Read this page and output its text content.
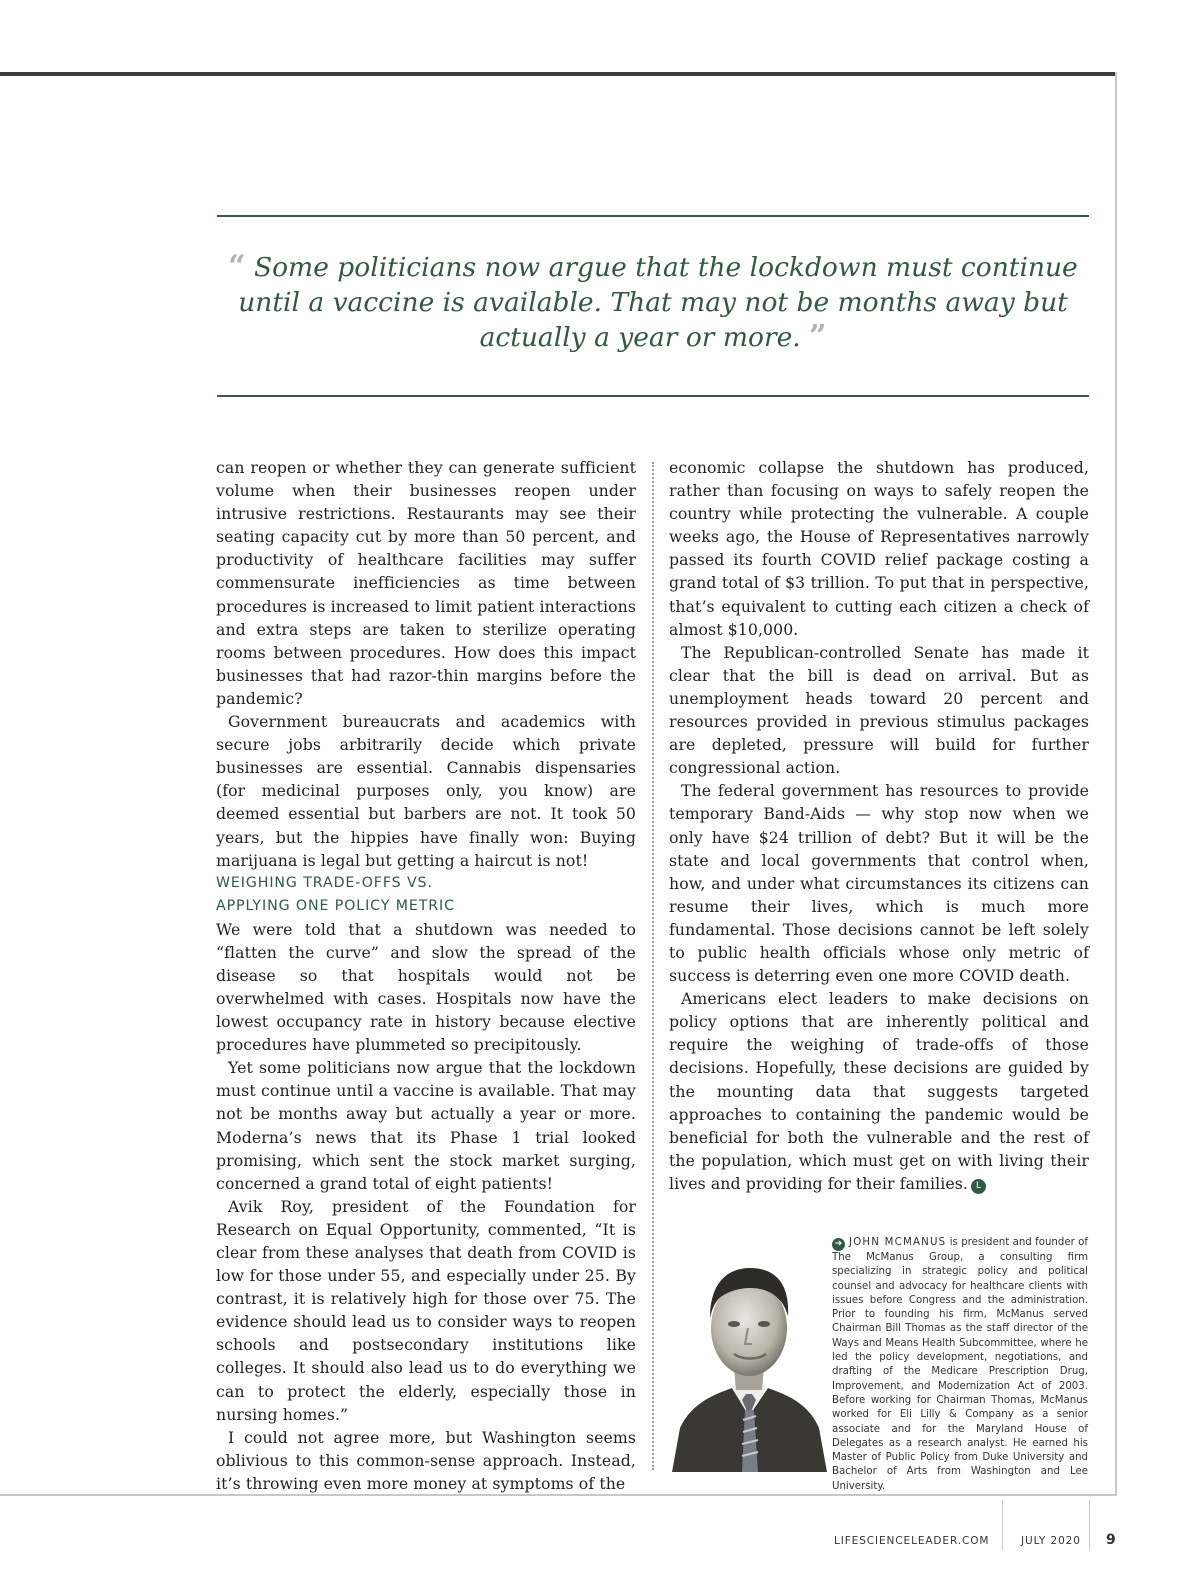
“ Some politicians now argue that the lockdown must continue until a vaccine is available. That may not be months away but actually a year or more. ”

can reopen or whether they can generate sufficient volume when their businesses reopen under intrusive restrictions. Restaurants may see their seating capacity cut by more than 50 percent, and productivity of healthcare facilities may suffer commensurate inefficiencies as time between procedures is increased to limit patient interactions and extra steps are taken to sterilize operating rooms between procedures. How does this impact businesses that had razor-thin margins before the pandemic?

Government bureaucrats and academics with secure jobs arbitrarily decide which private businesses are essential. Cannabis dispensaries (for medicinal purposes only, you know) are deemed essential but barbers are not. It took 50 years, but the hippies have finally won: Buying marijuana is legal but getting a haircut is not!

WEIGHING TRADE-OFFS VS.
APPLYING ONE POLICY METRIC

We were told that a shutdown was needed to “flatten the curve” and slow the spread of the disease so that hospitals would not be overwhelmed with cases. Hospitals now have the lowest occupancy rate in history because elective procedures have plummeted so precipitously.

Yet some politicians now argue that the lockdown must continue until a vaccine is available. That may not be months away but actually a year or more. Moderna’s news that its Phase 1 trial looked promising, which sent the stock market surging, concerned a grand total of eight patients!

Avik Roy, president of the Foundation for Research on Equal Opportunity, commented, “It is clear from these analyses that death from COVID is low for those under 55, and especially under 25. By contrast, it is relatively high for those over 75. The evidence should lead us to consider ways to reopen schools and postsecondary institutions like colleges. It should also lead us to do everything we can to protect the elderly, especially those in nursing homes.”

I could not agree more, but Washington seems oblivious to this common-sense approach. Instead, it’s throwing even more money at symptoms of the

economic collapse the shutdown has produced, rather than focusing on ways to safely reopen the country while protecting the vulnerable. A couple weeks ago, the House of Representatives narrowly passed its fourth COVID relief package costing a grand total of $3 trillion. To put that in perspective, that’s equivalent to cutting each citizen a check of almost $10,000.

The Republican-controlled Senate has made it clear that the bill is dead on arrival. But as unemployment heads toward 20 percent and resources provided in previous stimulus packages are depleted, pressure will build for further congressional action.

The federal government has resources to provide temporary Band-Aids — why stop now when we only have $24 trillion of debt? But it will be the state and local governments that control when, how, and under what circumstances its citizens can resume their lives, which is much more fundamental. Those decisions cannot be left solely to public health officials whose only metric of success is deterring even one more COVID death.

Americans elect leaders to make decisions on policy options that are inherently political and require the weighing of trade-offs of those decisions. Hopefully, these decisions are guided by the mounting data that suggests targeted approaches to containing the pandemic would be beneficial for both the vulnerable and the rest of the population, which must get on with living their lives and providing for their families. L

➔ JOHN MCMANUS is president and founder of The McManus Group, a consulting firm specializing in strategic policy and political counsel and advocacy for healthcare clients with issues before Congress and the administration. Prior to founding his firm, McManus served Chairman Bill Thomas as the staff director of the Ways and Means Health Subcommittee, where he led the policy development, negotiations, and drafting of the Medicare Prescription Drug, Improvement, and Modernization Act of 2003. Before working for Chairman Thomas, McManus worked for Eli Lilly & Company as a senior associate and for the Maryland House of Delegates as a research analyst. He earned his Master of Public Policy from Duke University and Bachelor of Arts from Washington and Lee University.
LIFESCIENCELEADER.COM	JULY 2020 9
